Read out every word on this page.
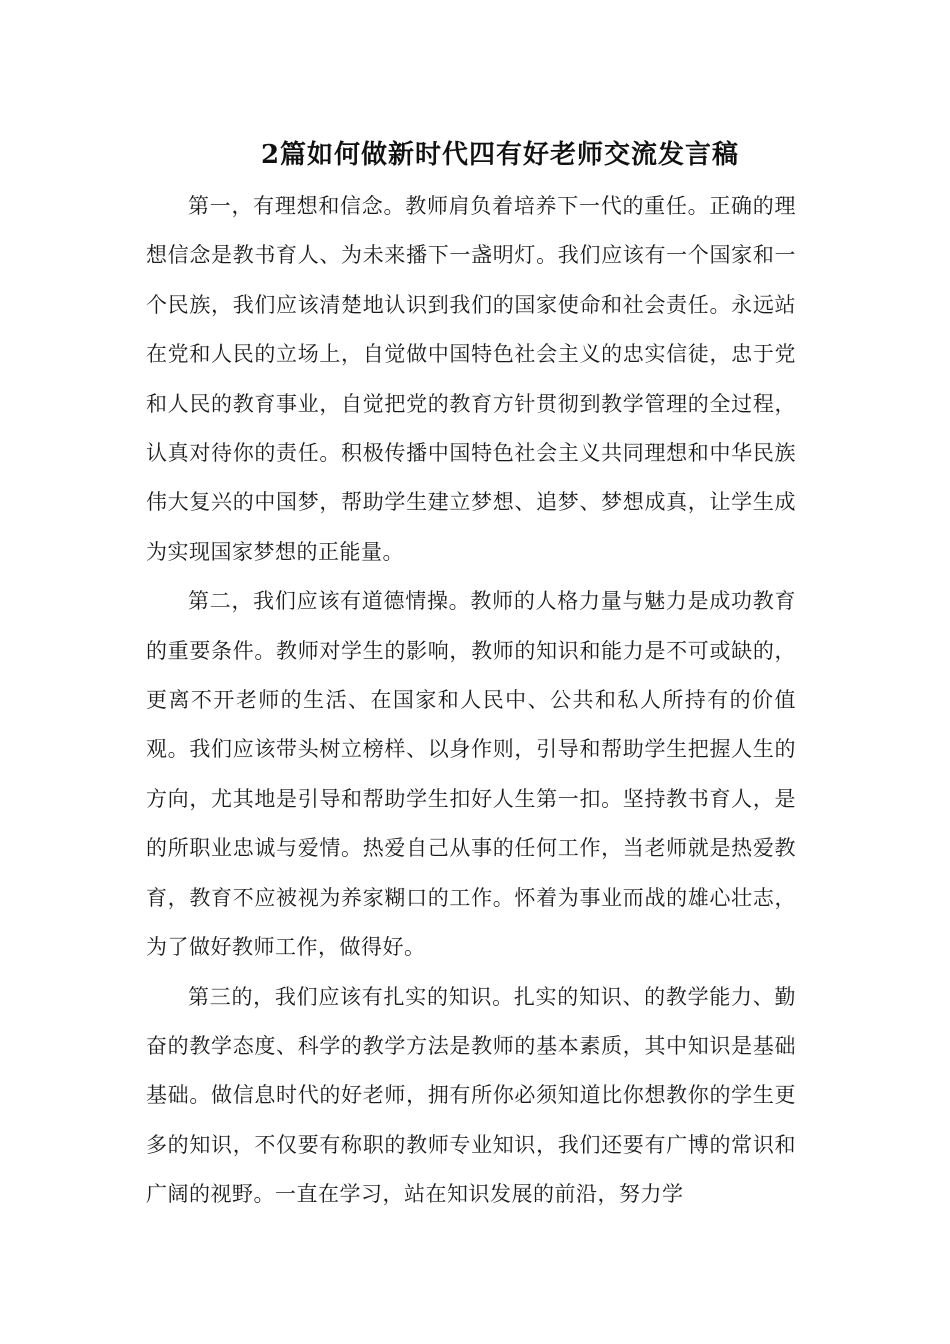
2篇如何做新时代四有好老师交流发言稿

第一，有理想和信念。教师肩负着培养下一代的重任。正确的理想信念是教书育人、为未来播下一盏明灯。我们应该有一个国家和一个民族，我们应该清楚地认识到我们的国家使命和社会责任。永远站在党和人民的立场上，自觉做中国特色社会主义的忠实信徒，忠于党和人民的教育事业，自觉把党的教育方针贯彻到教学管理的全过程，认真对待你的责任。积极传播中国特色社会主义共同理想和中华民族伟大复兴的中国梦，帮助学生建立梦想、追梦、梦想成真，让学生成为实现国家梦想的正能量。

第二，我们应该有道德情操。教师的人格力量与魅力是成功教育的重要条件。教师对学生的影响，教师的知识和能力是不可或缺的，更离不开老师的生活、在国家和人民中、公共和私人所持有的价值观。我们应该带头树立榜样、以身作则，引导和帮助学生把握人生的方向，尤其地是引导和帮助学生扣好人生第一扣。坚持教书育人，是的所职业忠诚与爱情。热爱自己从事的任何工作，当老师就是热爱教育，教育不应被视为养家糊口的工作。怀着为事业而战的雄心壮志，为了做好教师工作，做得好。

第三的，我们应该有扎实的知识。扎实的知识、的教学能力、勤奋的教学态度、科学的教学方法是教师的基本素质，其中知识是基础基础。做信息时代的好老师，拥有所你必须知道比你想教你的学生更多的知识，不仅要有称职的教师专业知识，我们还要有广博的常识和广阔的视野。一直在学习，站在知识发展的前沿，努力学
